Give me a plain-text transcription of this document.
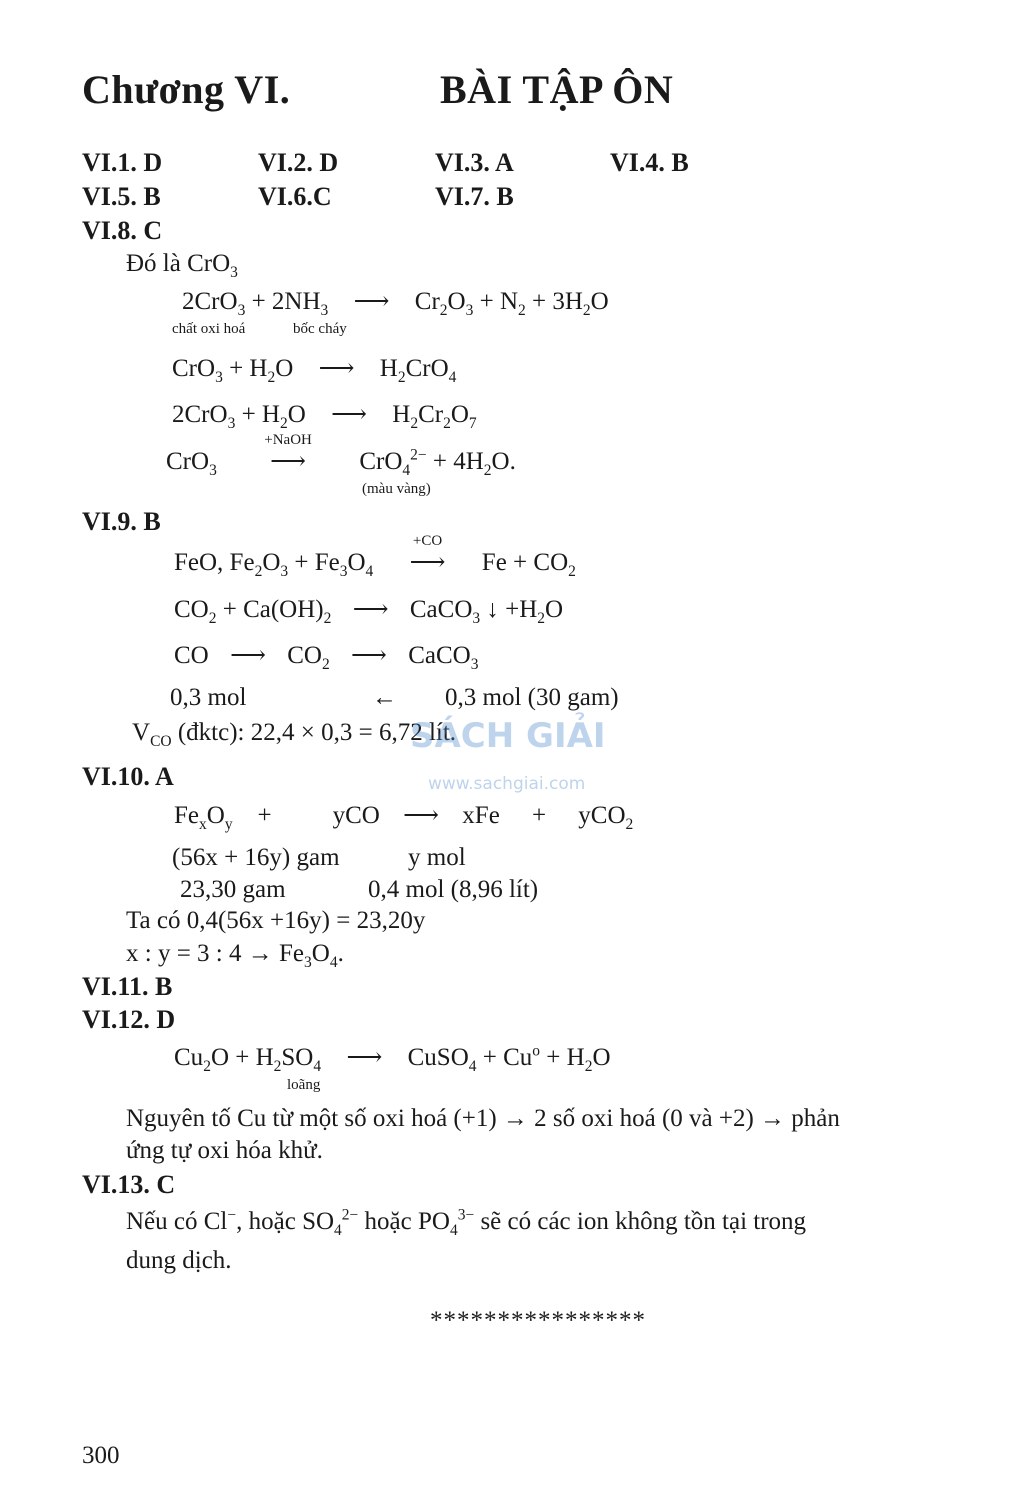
Chương VI.	BÀI TẬP ÔN
VI.1. D	VI.2. D	VI.3. A	VI.4. B
VI.5. B	VI.6.C	VI.7. B
VI.8. C
Đó là CrO$_3$
$2CrO_3 + 2NH_3$ ⟶ $Cr_2O_3 + N_2 + 3H_2O$
chất oxi hoá	bốc cháy
$CrO_3 + H_2O$ ⟶ $H_2CrO_4$
$2CrO_3 + H_2O$ ⟶ $H_2Cr_2O_7$
CrO$_3$
+NaOH
⟶ $CrO_4^{2-} + 4H_2O$.
(màu vàng)
VI.9. B
FeO, $Fe_2O_3 + Fe_3O_4$
+CO
⟶ $Fe + CO_2$
$CO_2 + Ca(OH)_2$ ⟶ CaCO$_3$ ↓ $+H_2O$
CO ⟶ $CO_2$ ⟶ CaCO$_3$
0,3 mol	← 0,3 mol (30 gam)
$V_{CO}$ (đktc): 22,4 × 0,3 = 6,72 lít.
SÁCH GIẢI
www.sachgiai.com
VI.10. A
$Fe_xO_y$ + yCO ⟶ xFe + yCO$_2$
(56x + 16y) gam	y mol
23,30 gam	0,4 mol (8,96 lít)
Ta có 0,4(56x +16y) = 23,20y
x : y = 3 : $4 \to Fe_3O_4$.
VI.11. B
VI.12. D
$Cu_2O + H_2SO_4$ ⟶ CuSO$_4$ + $Cu^o + H_2O$
loãng
Nguyên tố Cu từ một số oxi hoá (+1) → 2 số oxi hoá (0 và +2) → phản
ứng tự oxi hóa khử.
VI.13. C
Nếu có Cl−, hoặc $SO_4^{2-}$ hoặc $PO_4^{3-}$ sẽ có các ion không tồn tại trong
dung dịch.
****************
300
